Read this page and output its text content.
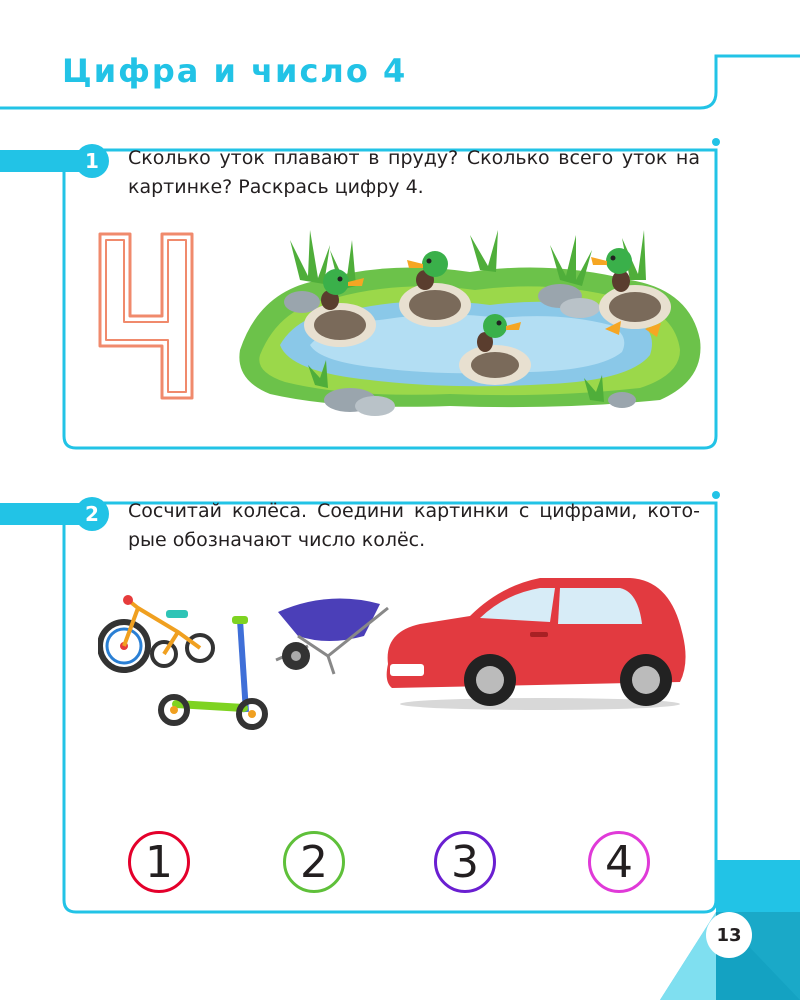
Цифра и число 4
1	Сколько уток плавают в пруду? Сколько всего уток на картинке? Раскрась цифру 4.
2	Сосчитай колёса. Соедини картинки с цифрами, кото-рые обозначают число колёс.
1	2	3	4
13
